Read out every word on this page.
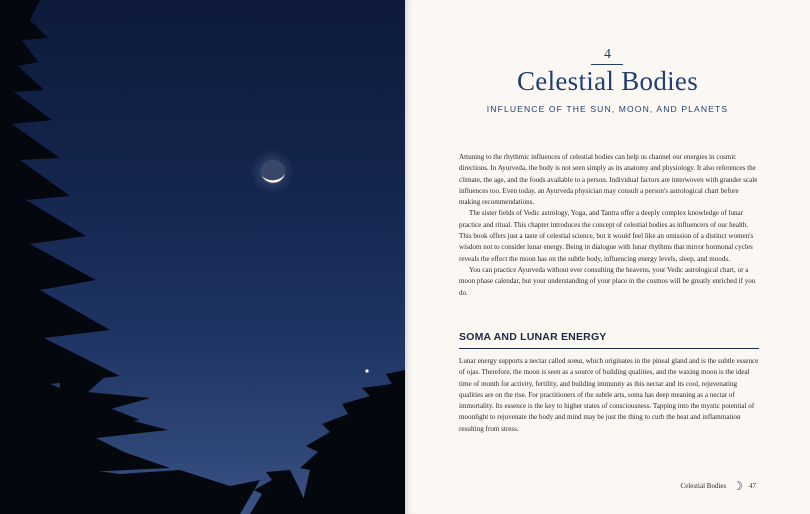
4
Celestial Bodies
INFLUENCE OF THE SUN, MOON, AND PLANETS

Attuning to the rhythmic influences of celestial bodies can help us channel our energies in cosmic directions. In Ayurveda, the body is not seen simply as its anatomy and physiology. It also references the climate, the age, and the foods available to a person. Individual factors are interwoven with grander scale influences too. Even today, an Ayurveda physician may consult a person's astrological chart before making recommendations.

The sister fields of Vedic astrology, Yoga, and Tantra offer a deeply complex knowledge of lunar practice and ritual. This chapter introduces the concept of celestial bodies as influencers of our health. This book offers just a taste of celestial science, but it would feel like an omission of a distinct women's wisdom not to consider lunar energy. Being in dialogue with lunar rhythms that mirror hormonal cycles reveals the effect the moon has on the subtle body, influencing energy levels, sleep, and moods.

You can practice Ayurveda without ever consulting the heavens, your Vedic astrological chart, or a moon phase calendar, but your understanding of your place in the cosmos will be greatly enriched if you do.

SOMA AND LUNAR ENERGY

Lunar energy supports a nectar called soma, which originates in the pineal gland and is the subtle essence of ojas. Therefore, the moon is seen as a source of building qualities, and the waxing moon is the ideal time of month for activity, fertility, and building immunity as this nectar and its cool, rejuvenating qualities are on the rise. For practitioners of the subtle arts, soma has deep meaning as a nectar of immortality. Its essence is the key to higher states of consciousness. Tapping into the mystic potential of moonlight to rejuvenate the body and mind may be just the thing to curb the heat and inflammation resulting from stress.

Celestial Bodies ☽ 47
